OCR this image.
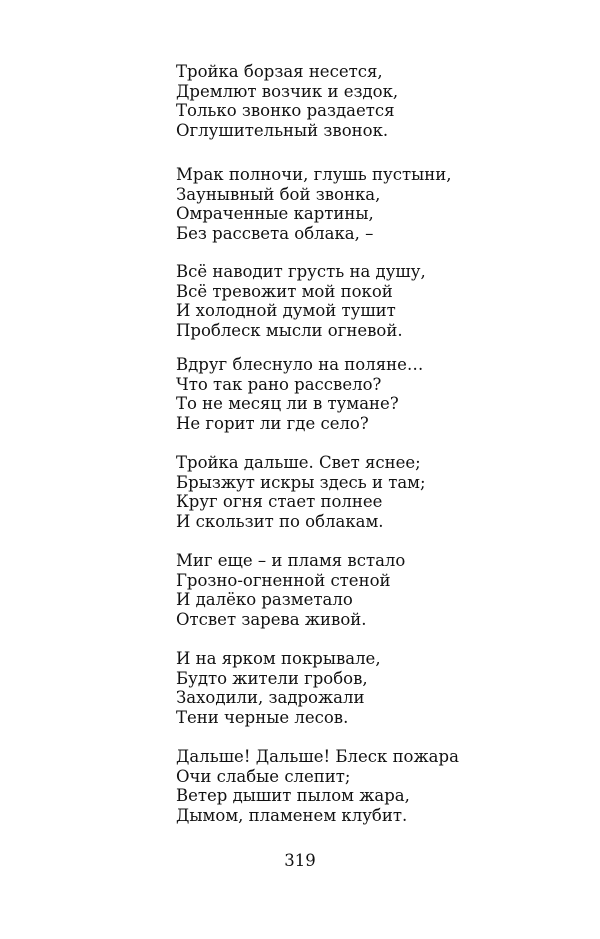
Тройка борзая несется,
Дремлют возчик и ездок,
Только звонко раздается
Оглушительный звонок.
Мрак полночи, глушь пустыни,
Заунывный бой звонка,
Омраченные картины,
Без рассвета облака, –
Всё наводит грусть на душу,
Всё тревожит мой покой
И холодной думой тушит
Проблеск мысли огневой.
Вдруг блеснуло на поляне…
Что так рано рассвело?
То не месяц ли в тумане?
Не горит ли где село?
Тройка дальше. Свет яснее;
Брызжут искры здесь и там;
Круг огня стает полнее
И скользит по облакам.
Миг еще – и пламя встало
Грозно-огненной стеной
И далёко разметало
Отсвет зарева живой.
И на ярком покрывале,
Будто жители гробов,
Заходили, задрожали
Тени черные лесов.
Дальше! Дальше! Блеск пожара
Очи слабые слепит;
Ветер дышит пылом жара,
Дымом, пламенем клубит.
319
